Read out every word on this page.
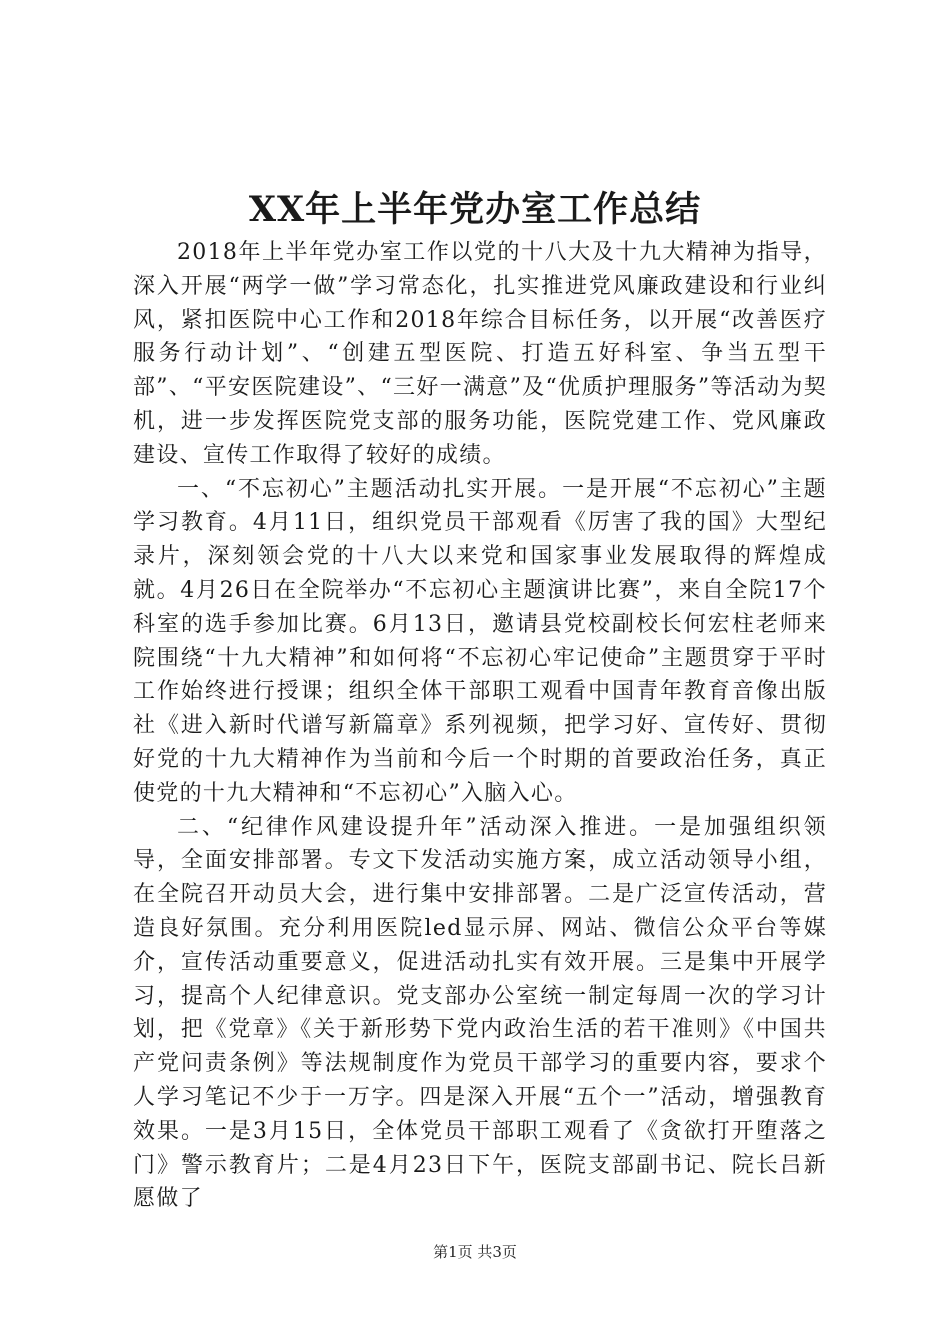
XX年上半年党办室工作总结

2018年上半年党办室工作以党的十八大及十九大精神为指导，深入开展“两学一做”学习常态化，扎实推进党风廉政建设和行业纠风，紧扣医院中心工作和2018年综合目标任务，以开展“改善医疗服务行动计划”、“创建五型医院、打造五好科室、争当五型干部”、“平安医院建设”、“三好一满意”及“优质护理服务”等活动为契机，进一步发挥医院党支部的服务功能，医院党建工作、党风廉政建设、宣传工作取得了较好的成绩。

一、“不忘初心”主题活动扎实开展。一是开展“不忘初心”主题学习教育。4月11日，组织党员干部观看《厉害了我的国》大型纪录片，深刻领会党的十八大以来党和国家事业发展取得的辉煌成就。4月26日在全院举办“不忘初心主题演讲比赛”，来自全院17个科室的选手参加比赛。6月13日，邀请县党校副校长何宏柱老师来院围绕“十九大精神”和如何将“不忘初心牢记使命”主题贯穿于平时工作始终进行授课；组织全体干部职工观看中国青年教育音像出版社《进入新时代谱写新篇章》系列视频，把学习好、宣传好、贯彻好党的十九大精神作为当前和今后一个时期的首要政治任务，真正使党的十九大精神和“不忘初心”入脑入心。

二、“纪律作风建设提升年”活动深入推进。一是加强组织领导，全面安排部署。专文下发活动实施方案，成立活动领导小组，在全院召开动员大会，进行集中安排部署。二是广泛宣传活动，营造良好氛围。充分利用医院led显示屏、网站、微信公众平台等媒介，宣传活动重要意义，促进活动扎实有效开展。三是集中开展学习，提高个人纪律意识。党支部办公室统一制定每周一次的学习计划，把《党章》《关于新形势下党内政治生活的若干准则》《中国共产党问责条例》等法规制度作为党员干部学习的重要内容，要求个人学习笔记不少于一万字。四是深入开展“五个一”活动，增强教育效果。一是3月15日，全体党员干部职工观看了《贪欲打开堕落之门》警示教育片；二是4月23日下午，医院支部副书记、院长吕新愿做了

第1页 共3页
